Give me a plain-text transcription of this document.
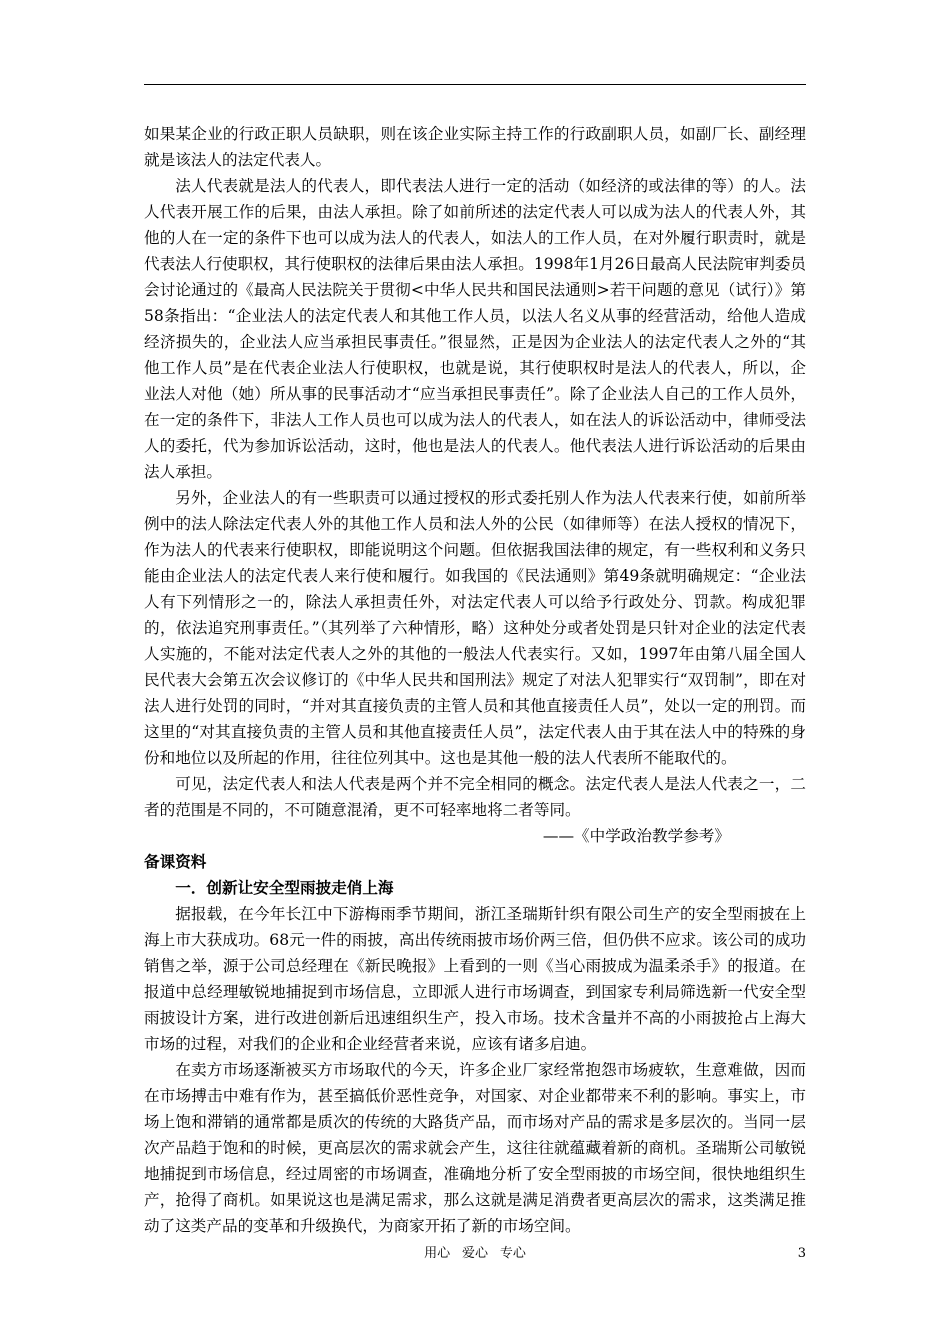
如果某企业的行政正职人员缺职，则在该企业实际主持工作的行政副职人员，如副厂长、副经理就是该法人的法定代表人。

法人代表就是法人的代表人，即代表法人进行一定的活动（如经济的或法律的等）的人。法人代表开展工作的后果，由法人承担。除了如前所述的法定代表人可以成为法人的代表人外，其他的人在一定的条件下也可以成为法人的代表人，如法人的工作人员，在对外履行职责时，就是代表法人行使职权，其行使职权的法律后果由法人承担。1998年1月26日最高人民法院审判委员会讨论通过的《最高人民法院关于贯彻<中华人民共和国民法通则>若干问题的意见（试行）》第58条指出：“企业法人的法定代表人和其他工作人员，以法人名义从事的经营活动，给他人造成经济损失的，企业法人应当承担民事责任。”很显然，正是因为企业法人的法定代表人之外的“其他工作人员”是在代表企业法人行使职权，也就是说，其行使职权时是法人的代表人，所以，企业法人对他（她）所从事的民事活动才“应当承担民事责任”。除了企业法人自己的工作人员外，在一定的条件下，非法人工作人员也可以成为法人的代表人，如在法人的诉讼活动中，律师受法人的委托，代为参加诉讼活动，这时，他也是法人的代表人。他代表法人进行诉讼活动的后果由法人承担。

另外，企业法人的有一些职责可以通过授权的形式委托别人作为法人代表来行使，如前所举例中的法人除法定代表人外的其他工作人员和法人外的公民（如律师等）在法人授权的情况下，作为法人的代表来行使职权，即能说明这个问题。但依据我国法律的规定，有一些权利和义务只能由企业法人的法定代表人来行使和履行。如我国的《民法通则》第49条就明确规定：“企业法人有下列情形之一的，除法人承担责任外，对法定代表人可以给予行政处分、罚款。构成犯罪的，依法追究刑事责任。”（其列举了六种情形，略）这种处分或者处罚是只针对企业的法定代表人实施的，不能对法定代表人之外的其他的一般法人代表实行。又如，1997年由第八届全国人民代表大会第五次会议修订的《中华人民共和国刑法》规定了对法人犯罪实行“双罚制”，即在对法人进行处罚的同时，“并对其直接负责的主管人员和其他直接责任人员”，处以一定的刑罚。而这里的“对其直接负责的主管人员和其他直接责任人员”，法定代表人由于其在法人中的特殊的身份和地位以及所起的作用，往往位列其中。这也是其他一般的法人代表所不能取代的。

可见，法定代表人和法人代表是两个并不完全相同的概念。法定代表人是法人代表之一，二者的范围是不同的，不可随意混淆，更不可轻率地将二者等同。

——《中学政治教学参考》

备课资料

一．创新让安全型雨披走俏上海

据报载，在今年长江中下游梅雨季节期间，浙江圣瑞斯针织有限公司生产的安全型雨披在上海上市大获成功。68元一件的雨披，高出传统雨披市场价两三倍，但仍供不应求。该公司的成功销售之举，源于公司总经理在《新民晚报》上看到的一则《当心雨披成为温柔杀手》的报道。在报道中总经理敏锐地捕捉到市场信息，立即派人进行市场调查，到国家专利局筛选新一代安全型雨披设计方案，进行改进创新后迅速组织生产，投入市场。技术含量并不高的小雨披抢占上海大市场的过程，对我们的企业和企业经营者来说，应该有诸多启迪。

在卖方市场逐渐被买方市场取代的今天，许多企业厂家经常抱怨市场疲软，生意难做，因而在市场搏击中难有作为，甚至搞低价恶性竞争，对国家、对企业都带来不利的影响。事实上，市场上饱和滞销的通常都是质次的传统的大路货产品，而市场对产品的需求是多层次的。当同一层次产品趋于饱和的时候，更高层次的需求就会产生，这往往就蕴藏着新的商机。圣瑞斯公司敏锐地捕捉到市场信息，经过周密的市场调查，准确地分析了安全型雨披的市场空间，很快地组织生产，抢得了商机。如果说这也是满足需求，那么这就是满足消费者更高层次的需求，这类满足推动了这类产品的变革和升级换代，为商家开拓了新的市场空间。

用心 爱心 专心	3
